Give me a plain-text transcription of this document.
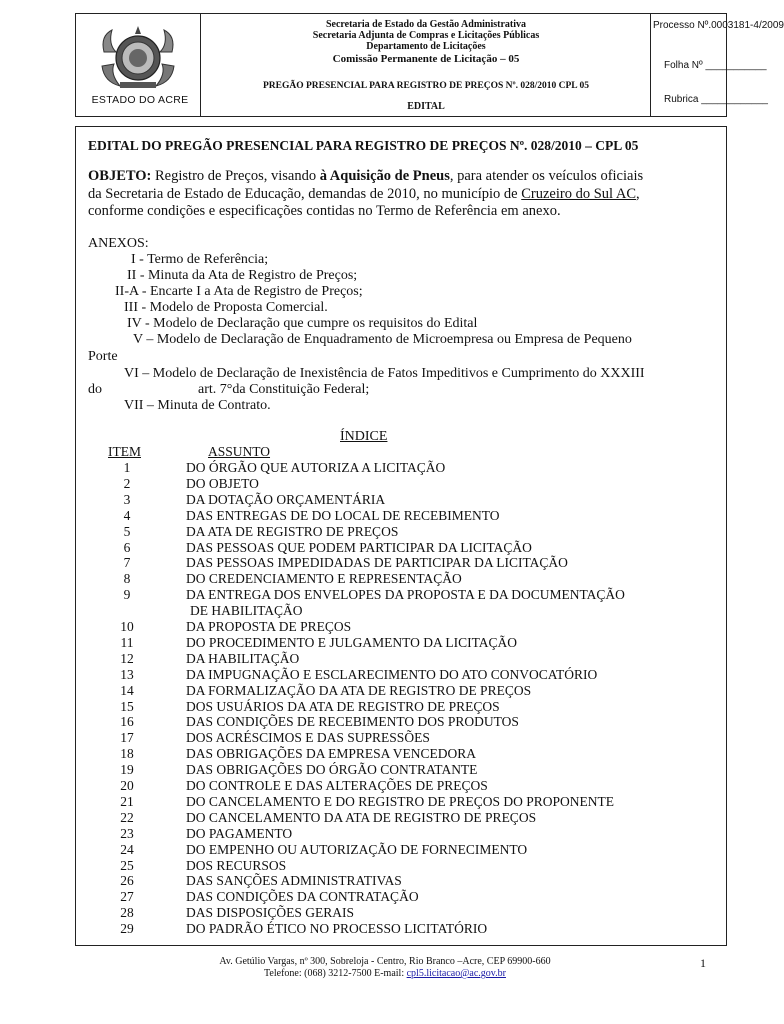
ESTADO DO ACRE
Secretaria de Estado da Gestão Administrativa
Secretaria Adjunta de Compras e Licitações Públicas
Departamento de Licitações
Comissão Permanente de Licitação – 05
PREGÃO PRESENCIAL PARA REGISTRO DE PREÇOS Nº. 028/2010 CPL 05
EDITAL
Processo Nº.0003181-4/2009
Folha Nº ___________
Rubrica ____________
EDITAL DO PREGÃO PRESENCIAL PARA REGISTRO DE PREÇOS Nº. 028/2010 – CPL 05
OBJETO: Registro de Preços, visando à Aquisição de Pneus, para atender os veículos oficiais
da Secretaria de Estado de Educação, demandas de 2010, no município de Cruzeiro do Sul AC,
conforme condições e especificações contidas no Termo de Referência em anexo.
ANEXOS:
I - Termo de Referência;
II - Minuta da Ata de Registro de Preços;
II-A - Encarte I a Ata de Registro de Preços;
III - Modelo de Proposta Comercial.
IV - Modelo de Declaração que cumpre os requisitos do Edital
V – Modelo de Declaração de Enquadramento de Microempresa ou Empresa de Pequeno
Porte
VI – Modelo de Declaração de Inexistência de Fatos Impeditivos e Cumprimento do XXXIII
do	art. 7°da Constituição Federal;
VII – Minuta de Contrato.
ÍNDICE
ITEM	ASSUNTO
1	DO ÓRGÃO QUE AUTORIZA A LICITAÇÃO
2	DO OBJETO
3	DA DOTAÇÃO ORÇAMENTÁRIA
4	DAS ENTREGAS DE DO LOCAL DE RECEBIMENTO
5	DA ATA DE REGISTRO DE PREÇOS
6	DAS PESSOAS QUE PODEM PARTICIPAR DA LICITAÇÃO
7	DAS PESSOAS IMPEDIDADAS DE PARTICIPAR DA LICITAÇÃO
8	DO CREDENCIAMENTO E REPRESENTAÇÃO
9	DA ENTREGA DOS ENVELOPES DA PROPOSTA E DA DOCUMENTAÇÃO
DE HABILITAÇÃO
10	DA PROPOSTA DE PREÇOS
11	DO PROCEDIMENTO E JULGAMENTO DA LICITAÇÃO
12	DA HABILITAÇÃO
13	DA IMPUGNAÇÃO E ESCLARECIMENTO DO ATO CONVOCATÓRIO
14	DA FORMALIZAÇÃO DA ATA DE REGISTRO DE PREÇOS
15	DOS USUÁRIOS DA ATA DE REGISTRO DE PREÇOS
16	DAS CONDIÇÕES DE RECEBIMENTO DOS PRODUTOS
17	DOS ACRÉSCIMOS E DAS SUPRESSÕES
18	DAS OBRIGAÇÕES DA EMPRESA VENCEDORA
19	DAS OBRIGAÇÕES DO ÓRGÃO CONTRATANTE
20	DO CONTROLE E DAS ALTERAÇÕES DE PREÇOS
21	DO CANCELAMENTO E DO REGISTRO DE PREÇOS DO PROPONENTE
22	DO CANCELAMENTO DA ATA DE REGISTRO DE PREÇOS
23	DO PAGAMENTO
24	DO EMPENHO OU AUTORIZAÇÃO DE FORNECIMENTO
25	DOS RECURSOS
26	DAS SANÇÕES ADMINISTRATIVAS
27	DAS CONDIÇÕES DA CONTRATAÇÃO
28	DAS DISPOSIÇÕES GERAIS
29	DO PADRÃO ÉTICO NO PROCESSO LICITATÓRIO
Av. Getúlio Vargas, nº 300, Sobreloja - Centro, Rio Branco –Acre, CEP 69900-660
Telefone: (068) 3212-7500 E-mail: cpl5.licitacao@ac.gov.br
1
